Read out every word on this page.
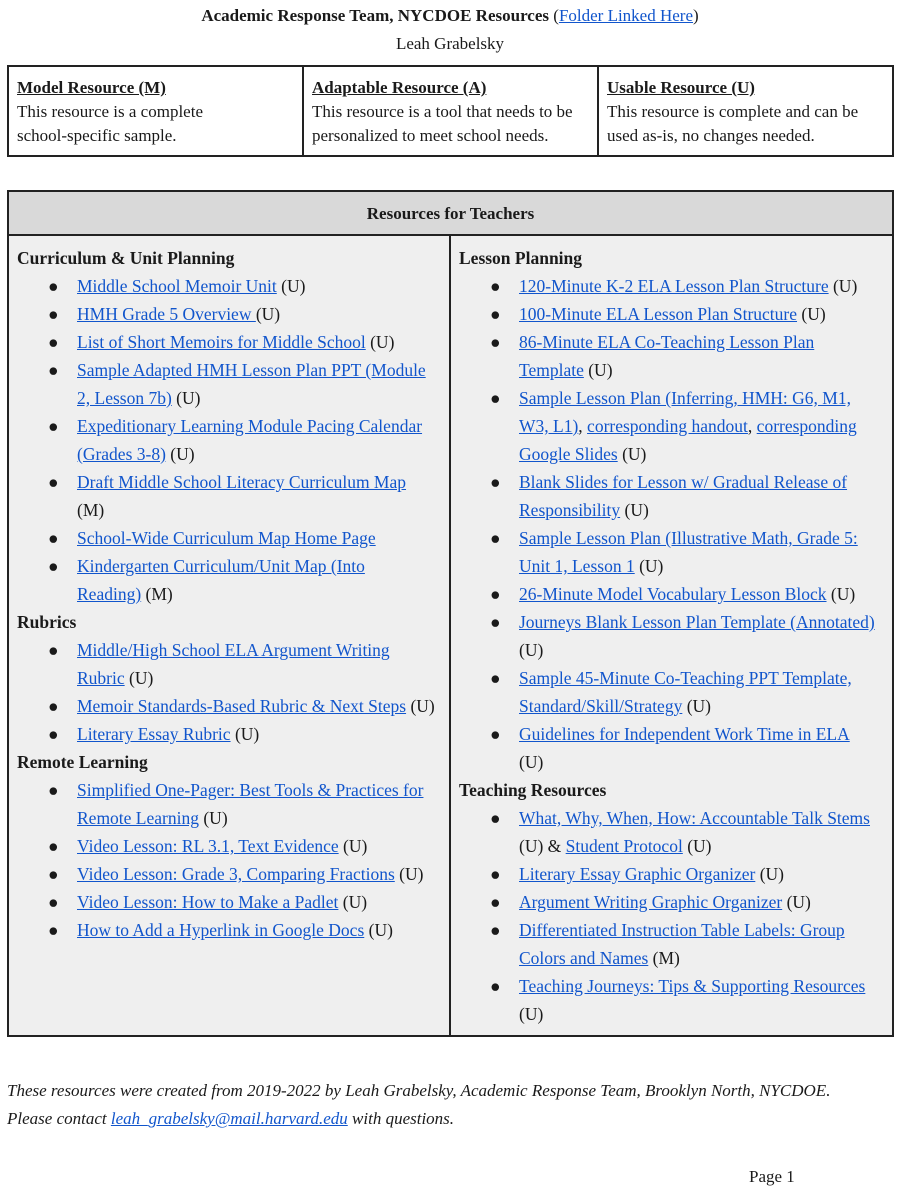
Academic Response Team, NYCDOE Resources (Folder Linked Here)
Leah Grabelsky
Model Resource (M)
This resource is a complete
school-specific sample.
Adaptable Resource (A)
This resource is a tool that needs to be
personalized to meet school needs.
Usable Resource (U)
This resource is complete and can be
used as-is, no changes needed.
Resources for Teachers
Curriculum & Unit Planning
● Middle School Memoir Unit (U)
● HMH Grade 5 Overview (U)
● List of Short Memoirs for Middle School (U)
● Sample Adapted HMH Lesson Plan PPT (Module
2, Lesson 7b) (U)
● Expeditionary Learning Module Pacing Calendar
(Grades 3-8) (U)
● Draft Middle School Literacy Curriculum Map
(M)
● School-Wide Curriculum Map Home Page
● Kindergarten Curriculum/Unit Map (Into
Reading) (M)
Rubrics
● Middle/High School ELA Argument Writing
Rubric (U)
● Memoir Standards-Based Rubric & Next Steps (U)
● Literary Essay Rubric (U)
Remote Learning
● Simplified One-Pager: Best Tools & Practices for
Remote Learning (U)
● Video Lesson: RL 3.1, Text Evidence (U)
● Video Lesson: Grade 3, Comparing Fractions (U)
● Video Lesson: How to Make a Padlet (U)
● How to Add a Hyperlink in Google Docs (U)
Lesson Planning
● 120-Minute K-2 ELA Lesson Plan Structure (U)
● 100-Minute ELA Lesson Plan Structure (U)
● 86-Minute ELA Co-Teaching Lesson Plan
Template (U)
● Sample Lesson Plan (Inferring, HMH: G6, M1,
W3, L1), corresponding handout, corresponding
Google Slides (U)
● Blank Slides for Lesson w/ Gradual Release of
Responsibility (U)
● Sample Lesson Plan (Illustrative Math, Grade 5:
Unit 1, Lesson 1 (U)
● 26-Minute Model Vocabulary Lesson Block (U)
● Journeys Blank Lesson Plan Template (Annotated)
(U)
● Sample 45-Minute Co-Teaching PPT Template,
Standard/Skill/Strategy (U)
● Guidelines for Independent Work Time in ELA
(U)
Teaching Resources
● What, Why, When, How: Accountable Talk Stems
(U) & Student Protocol (U)
● Literary Essay Graphic Organizer (U)
● Argument Writing Graphic Organizer (U)
● Differentiated Instruction Table Labels: Group
Colors and Names (M)
● Teaching Journeys: Tips & Supporting Resources
(U)
These resources were created from 2019-2022 by Leah Grabelsky, Academic Response Team, Brooklyn North, NYCDOE.
Please contact leah_grabelsky@mail.harvard.edu with questions.
Page 1
